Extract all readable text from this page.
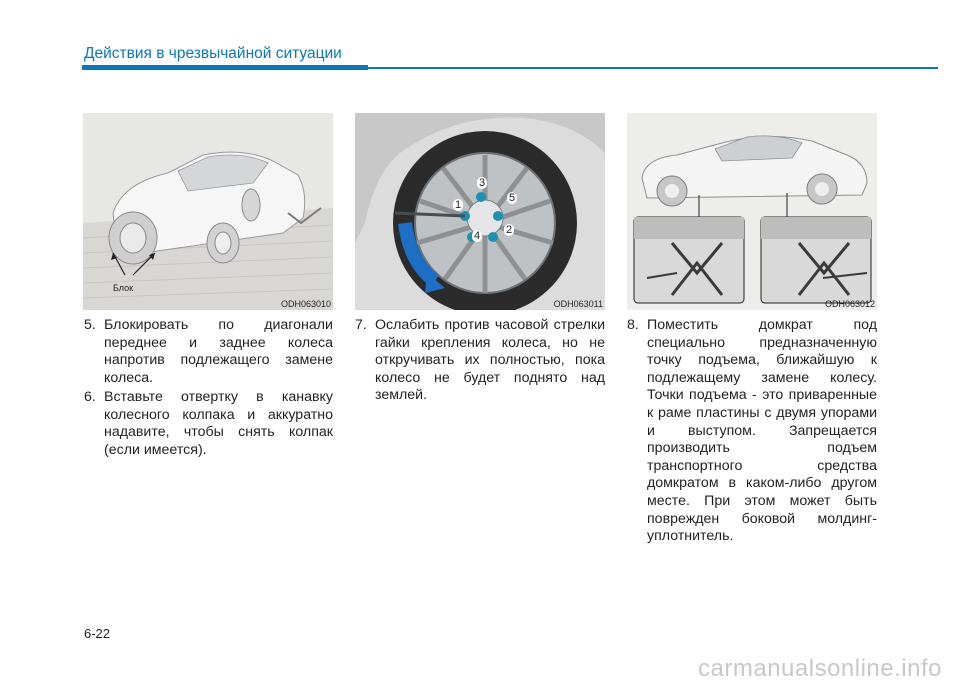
Действия в чрезвычайной ситуации
Блок
ODH063010
3
5
1
2
4
ODH063011	ODH063012
5. Блокировать по диагонали переднее и заднее колеса напротив подлежащего замене колеса.
6. Вставьте отвертку в канавку колесного колпака и аккуратно надавите, чтобы снять колпак (если имеется).
7. Ослабить против часовой стрелки гайки крепления колеса, но не откручивать их полностью, пока колесо не будет поднято над землей.
8. Поместить домкрат под специально предназначенную точку подъема, ближайшую к подлежащему замене колесу. Точки подъема - это приваренные к раме пластины с двумя упорами и выступом. Запрещается производить подъем транспортного средства домкратом в каком-либо другом месте. При этом может быть поврежден боковой молдинг-уплотнитель.
6-22
carmanualsonline.info
